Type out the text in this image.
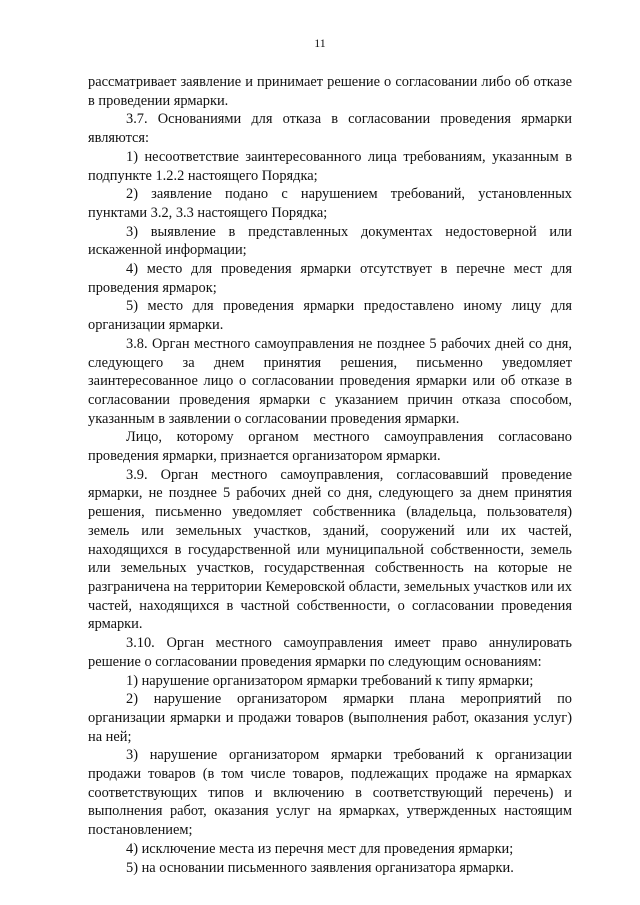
11

рассматривает заявление и принимает решение о согласовании либо об отказе в проведении ярмарки.

3.7. Основаниями для отказа в согласовании проведения ярмарки являются:

1) несоответствие заинтересованного лица требованиям, указанным в подпункте 1.2.2 настоящего Порядка;

2) заявление подано с нарушением требований, установленных пунктами 3.2, 3.3 настоящего Порядка;

3) выявление в представленных документах недостоверной или искаженной информации;

4) место для проведения ярмарки отсутствует в перечне мест для проведения ярмарок;

5) место для проведения ярмарки предоставлено иному лицу для организации ярмарки.

3.8. Орган местного самоуправления не позднее 5 рабочих дней со дня, следующего за днем принятия решения, письменно уведомляет заинтересованное лицо о согласовании проведения ярмарки или об отказе в согласовании проведения ярмарки с указанием причин отказа способом, указанным в заявлении о согласовании проведения ярмарки.

Лицо, которому органом местного самоуправления согласовано проведения ярмарки, признается организатором ярмарки.

3.9. Орган местного самоуправления, согласовавший проведение ярмарки, не позднее 5 рабочих дней со дня, следующего за днем принятия решения, письменно уведомляет собственника (владельца, пользователя) земель или земельных участков, зданий, сооружений или их частей, находящихся в государственной или муниципальной собственности, земель или земельных участков, государственная собственность на которые не разграничена на территории Кемеровской области, земельных участков или их частей, находящихся в частной собственности, о согласовании проведения ярмарки.

3.10. Орган местного самоуправления имеет право аннулировать решение о согласовании проведения ярмарки по следующим основаниям:

1) нарушение организатором ярмарки требований к типу ярмарки;

2) нарушение организатором ярмарки плана мероприятий по организации ярмарки и продажи товаров (выполнения работ, оказания услуг) на ней;

3) нарушение организатором ярмарки требований к организации продажи товаров (в том числе товаров, подлежащих продаже на ярмарках соответствующих типов и включению в соответствующий перечень) и выполнения работ, оказания услуг на ярмарках, утвержденных настоящим постановлением;

4) исключение места из перечня мест для проведения ярмарки;

5) на основании письменного заявления организатора ярмарки.
